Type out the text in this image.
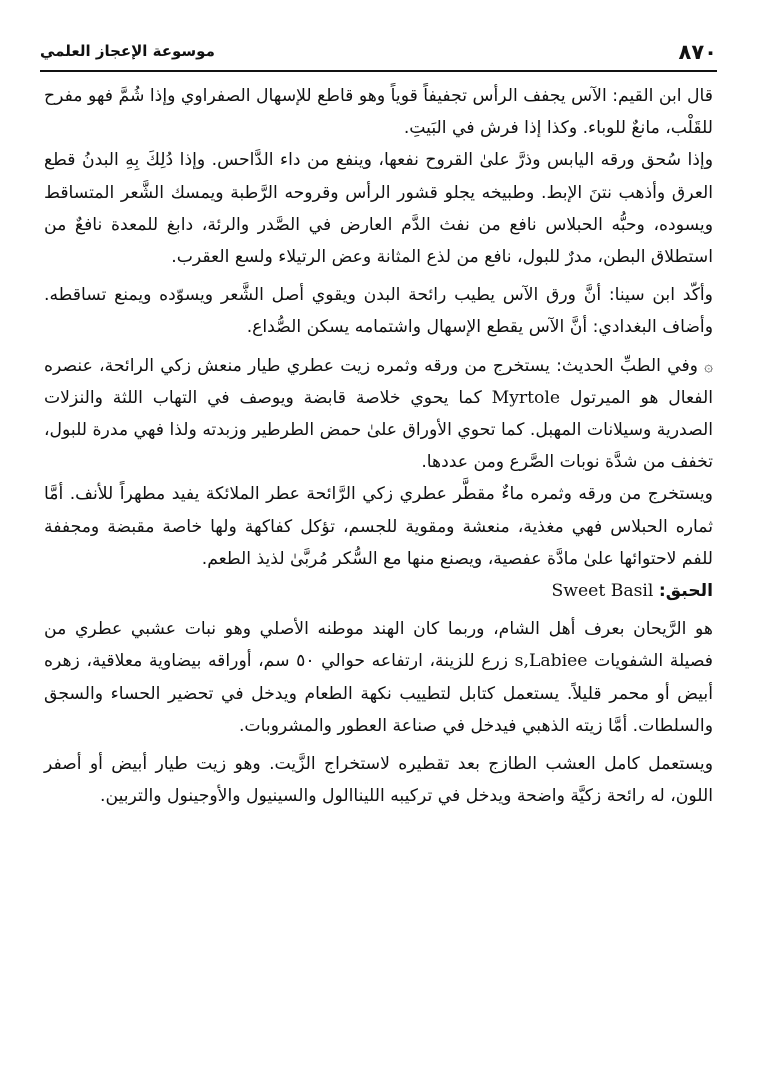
٨٧٠
موسوعة الإعجاز العلمي

قال ابن القيم: الآس يجفف الرأس تجفيفاً قوياً وهو قاطع للإسهال الصفراوي وإذا شُمَّ فهو مفرح للقَلْب، مانعٌ للوباء. وكذا إذا فرش في البَيتِ.

وإذا سُحق ورقه اليابس وذرَّ علىٰ القروح نفعها، وينفع من داء الدَّاحس. وإذا دُلِكَ بِهِ البدنُ قطع العرق وأذهب نتنَ الإبط. وطبيخه يجلو قشور الرأس وقروحه الرَّطبة ويمسك الشَّعر المتساقط ويسوده، وحبُّه الحبلاس نافع من نفث الدَّم العارض في الصَّدر والرئة، دابغ للمعدة نافعٌ من استطلاق البطن، مدرٌ للبول، نافع من لذع المثانة وعض الرتيلاء ولسع العقرب.

وأكّد ابن سينا: أنَّ ورق الآس يطيب رائحة البدن ويقوي أصل الشَّعر ويسوّده ويمنع تساقطه. وأضاف البغدادي: أنَّ الآس يقطع الإسهال واشتمامه يسكن الصُّداع.

۞ وفي الطبِّ الحديث: يستخرج من ورقه وثمره زيت عطري طيار منعش زكي الرائحة، عنصره الفعال هو الميرتول Myrtole كما يحوي خلاصة قابضة ويوصف في التهاب اللثة والنزلات الصدرية وسيلانات المهبل. كما تحوي الأوراق علىٰ حمض الطرطير وزبدته ولذا فهي مدرة للبول، تخفف من شدَّة نوبات الصَّرع ومن عددها.

ويستخرج من ورقه وثمره ماءٌ مقطَّر عطري زكي الرَّائحة عطر الملائكة يفيد مطهراً للأنف. أمَّا ثماره الحبلاس فهي مغذية، منعشة ومقوية للجسم، تؤكل كفاكهة ولها خاصة مقبضة ومجففة للفم لاحتوائها علىٰ مادَّة عفصية، ويصنع منها مع السُّكر مُربَّىٰ لذيذ الطعم.

الحبق: Sweet Basil

هو الرَّيحان بعرف أهل الشام، وربما كان الهند موطنه الأصلي وهو نبات عشبي عطري من فصيلة الشفويات s,Labiee زرع للزينة، ارتفاعه حوالي ٥٠ سم، أوراقه بيضاوية معلاقية، زهره أبيض أو محمر قليلاً. يستعمل كتابل لتطييب نكهة الطعام ويدخل في تحضير الحساء والسجق والسلطات. أمَّا زيته الذهبي فيدخل في صناعة العطور والمشروبات.

ويستعمل كامل العشب الطازج بعد تقطيره لاستخراج الزَّيت. وهو زيت طيار أبيض أو أصفر اللون، له رائحة زكيَّة واضحة ويدخل في تركيبه الليناالول والسينيول والأوجينول والتربين.
